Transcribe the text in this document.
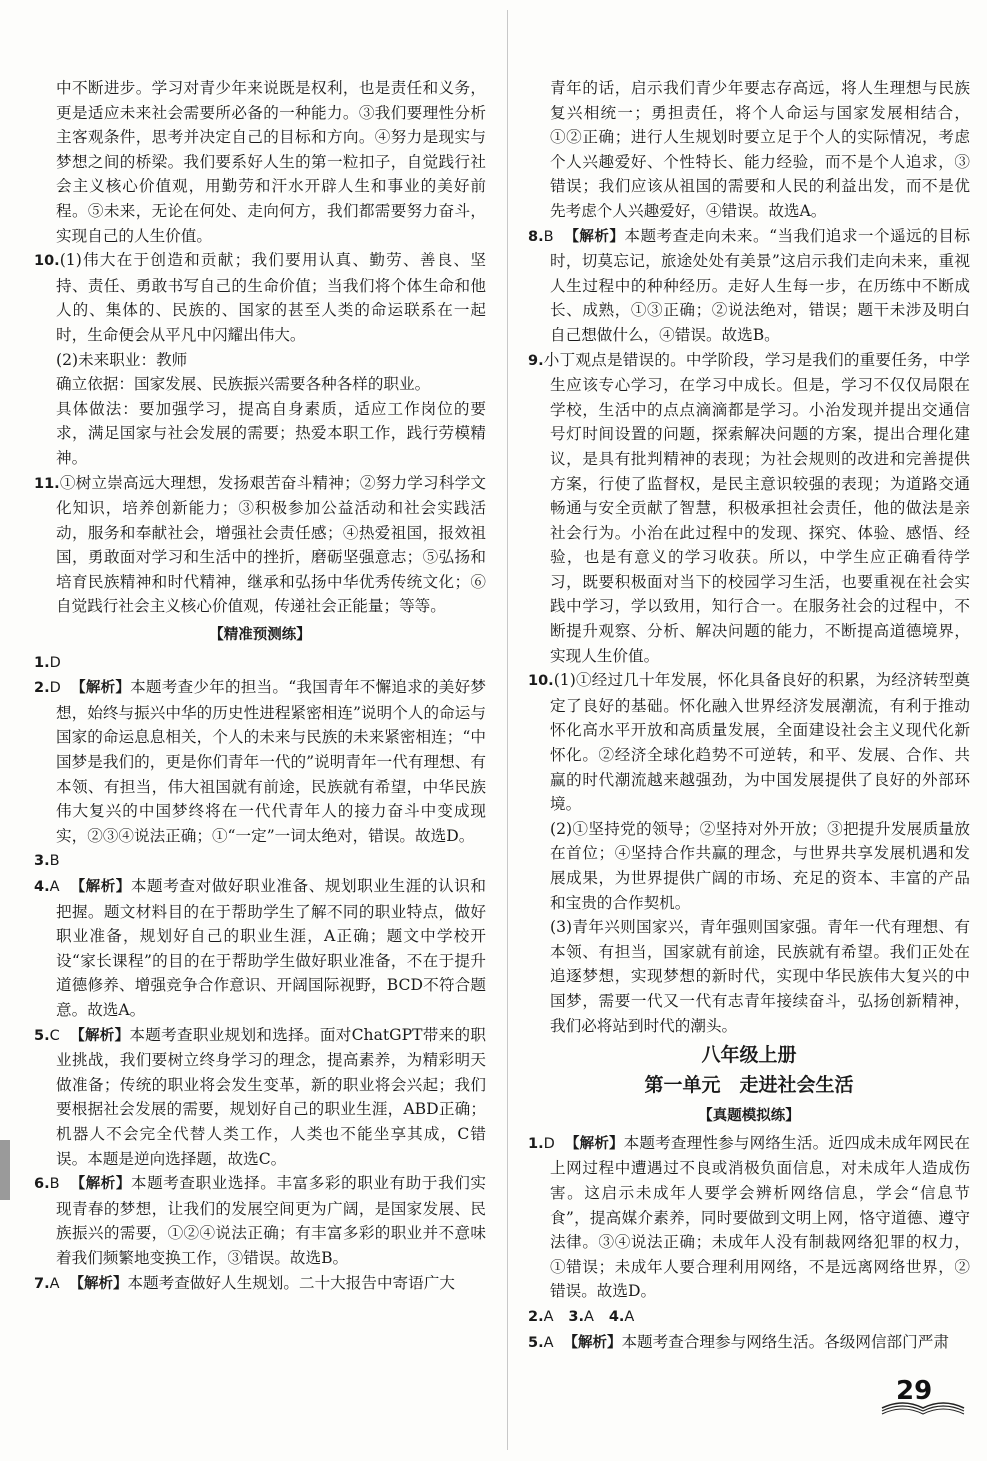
中不断进步。学习对青少年来说既是权利，也是责任和义务，更是适应未来社会需要所必备的一种能力。③我们要理性分析主客观条件，思考并决定自己的目标和方向。④努力是现实与梦想之间的桥梁。我们要系好人生的第一粒扣子，自觉践行社会主义核心价值观，用勤劳和汗水开辟人生和事业的美好前程。⑤未来，无论在何处、走向何方，我们都需要努力奋斗，实现自己的人生价值。

10.(1)伟大在于创造和贡献；我们要用认真、勤劳、善良、坚持、责任、勇敢书写自己的生命价值；当我们将个体生命和他人的、集体的、民族的、国家的甚至人类的命运联系在一起时，生命便会从平凡中闪耀出伟大。

(2)未来职业：教师

确立依据：国家发展、民族振兴需要各种各样的职业。

具体做法：要加强学习，提高自身素质，适应工作岗位的要求，满足国家与社会发展的需要；热爱本职工作，践行劳模精神。

11.①树立崇高远大理想，发扬艰苦奋斗精神；②努力学习科学文化知识，培养创新能力；③积极参加公益活动和社会实践活动，服务和奉献社会，增强社会责任感；④热爱祖国，报效祖国，勇敢面对学习和生活中的挫折，磨砺坚强意志；⑤弘扬和培育民族精神和时代精神，继承和弘扬中华优秀传统文化；⑥自觉践行社会主义核心价值观，传递社会正能量；等等。

【精准预测练】

1.D

2.D 【解析】本题考查少年的担当。“我国青年不懈追求的美好梦想，始终与振兴中华的历史性进程紧密相连”说明个人的命运与国家的命运息息相关，个人的未来与民族的未来紧密相连；“中国梦是我们的，更是你们青年一代的”说明青年一代有理想、有本领、有担当，伟大祖国就有前途，民族就有希望，中华民族伟大复兴的中国梦终将在一代代青年人的接力奋斗中变成现实，②③④说法正确；①“一定”一词太绝对，错误。故选D。

3.B

4.A 【解析】本题考查对做好职业准备、规划职业生涯的认识和把握。题文材料目的在于帮助学生了解不同的职业特点，做好职业准备，规划好自己的职业生涯，A正确；题文中学校开设“家长课程”的目的在于帮助学生做好职业准备，不在于提升道德修养、增强竞争合作意识、开阔国际视野，BCD不符合题意。故选A。

5.C 【解析】本题考查职业规划和选择。面对ChatGPT带来的职业挑战，我们要树立终身学习的理念，提高素养，为精彩明天做准备；传统的职业将会发生变革，新的职业将会兴起；我们要根据社会发展的需要，规划好自己的职业生涯，ABD正确；机器人不会完全代替人类工作，人类也不能坐享其成，C错误。本题是逆向选择题，故选C。

6.B 【解析】本题考查职业选择。丰富多彩的职业有助于我们实现青春的梦想，让我们的发展空间更为广阔，是国家发展、民族振兴的需要，①②④说法正确；有丰富多彩的职业并不意味着我们频繁地变换工作，③错误。故选B。

7.A 【解析】本题考查做好人生规划。二十大报告中寄语广大

青年的话，启示我们青少年要志存高远，将人生理想与民族复兴相统一；勇担责任，将个人命运与国家发展相结合，①②正确；进行人生规划时要立足于个人的实际情况，考虑个人兴趣爱好、个性特长、能力经验，而不是个人追求，③错误；我们应该从祖国的需要和人民的利益出发，而不是优先考虑个人兴趣爱好，④错误。故选A。

8.B 【解析】本题考查走向未来。“当我们追求一个遥远的目标时，切莫忘记，旅途处处有美景”这启示我们走向未来，重视人生过程中的种种经历。走好人生每一步，在历练中不断成长、成熟，①③正确；②说法绝对，错误；题干未涉及明白自己想做什么，④错误。故选B。

9.小丁观点是错误的。中学阶段，学习是我们的重要任务，中学生应该专心学习，在学习中成长。但是，学习不仅仅局限在学校，生活中的点点滴滴都是学习。小治发现并提出交通信号灯时间设置的问题，探索解决问题的方案，提出合理化建议，是具有批判精神的表现；为社会规则的改进和完善提供方案，行使了监督权，是民主意识较强的表现；为道路交通畅通与安全贡献了智慧，积极承担社会责任，他的做法是亲社会行为。小治在此过程中的发现、探究、体验、感悟、经验，也是有意义的学习收获。所以，中学生应正确看待学习，既要积极面对当下的校园学习生活，也要重视在社会实践中学习，学以致用，知行合一。在服务社会的过程中，不断提升观察、分析、解决问题的能力，不断提高道德境界，实现人生价值。

10.(1)①经过几十年发展，怀化具备良好的积累，为经济转型奠定了良好的基础。怀化融入世界经济发展潮流，有利于推动怀化高水平开放和高质量发展，全面建设社会主义现代化新怀化。②经济全球化趋势不可逆转，和平、发展、合作、共赢的时代潮流越来越强劲，为中国发展提供了良好的外部环境。

(2)①坚持党的领导；②坚持对外开放；③把提升发展质量放在首位；④坚持合作共赢的理念，与世界共享发展机遇和发展成果，为世界提供广阔的市场、充足的资本、丰富的产品和宝贵的合作契机。

(3)青年兴则国家兴，青年强则国家强。青年一代有理想、有本领、有担当，国家就有前途，民族就有希望。我们正处在追逐梦想，实现梦想的新时代，实现中华民族伟大复兴的中国梦，需要一代又一代有志青年接续奋斗，弘扬创新精神，我们必将站到时代的潮头。

八年级上册

第一单元　走进社会生活

【真题模拟练】

1.D 【解析】本题考查理性参与网络生活。近四成未成年网民在上网过程中遭遇过不良或消极负面信息，对未成年人造成伤害。这启示未成年人要学会辨析网络信息，学会“信息节食”，提高媒介素养，同时要做到文明上网，恪守道德、遵守法律。③④说法正确；未成年人没有制裁网络犯罪的权力，①错误；未成年人要合理利用网络，不是远离网络世界，②错误。故选D。

2.A 3.A 4.A

5.A 【解析】本题考查合理参与网络生活。各级网信部门严肃

29
